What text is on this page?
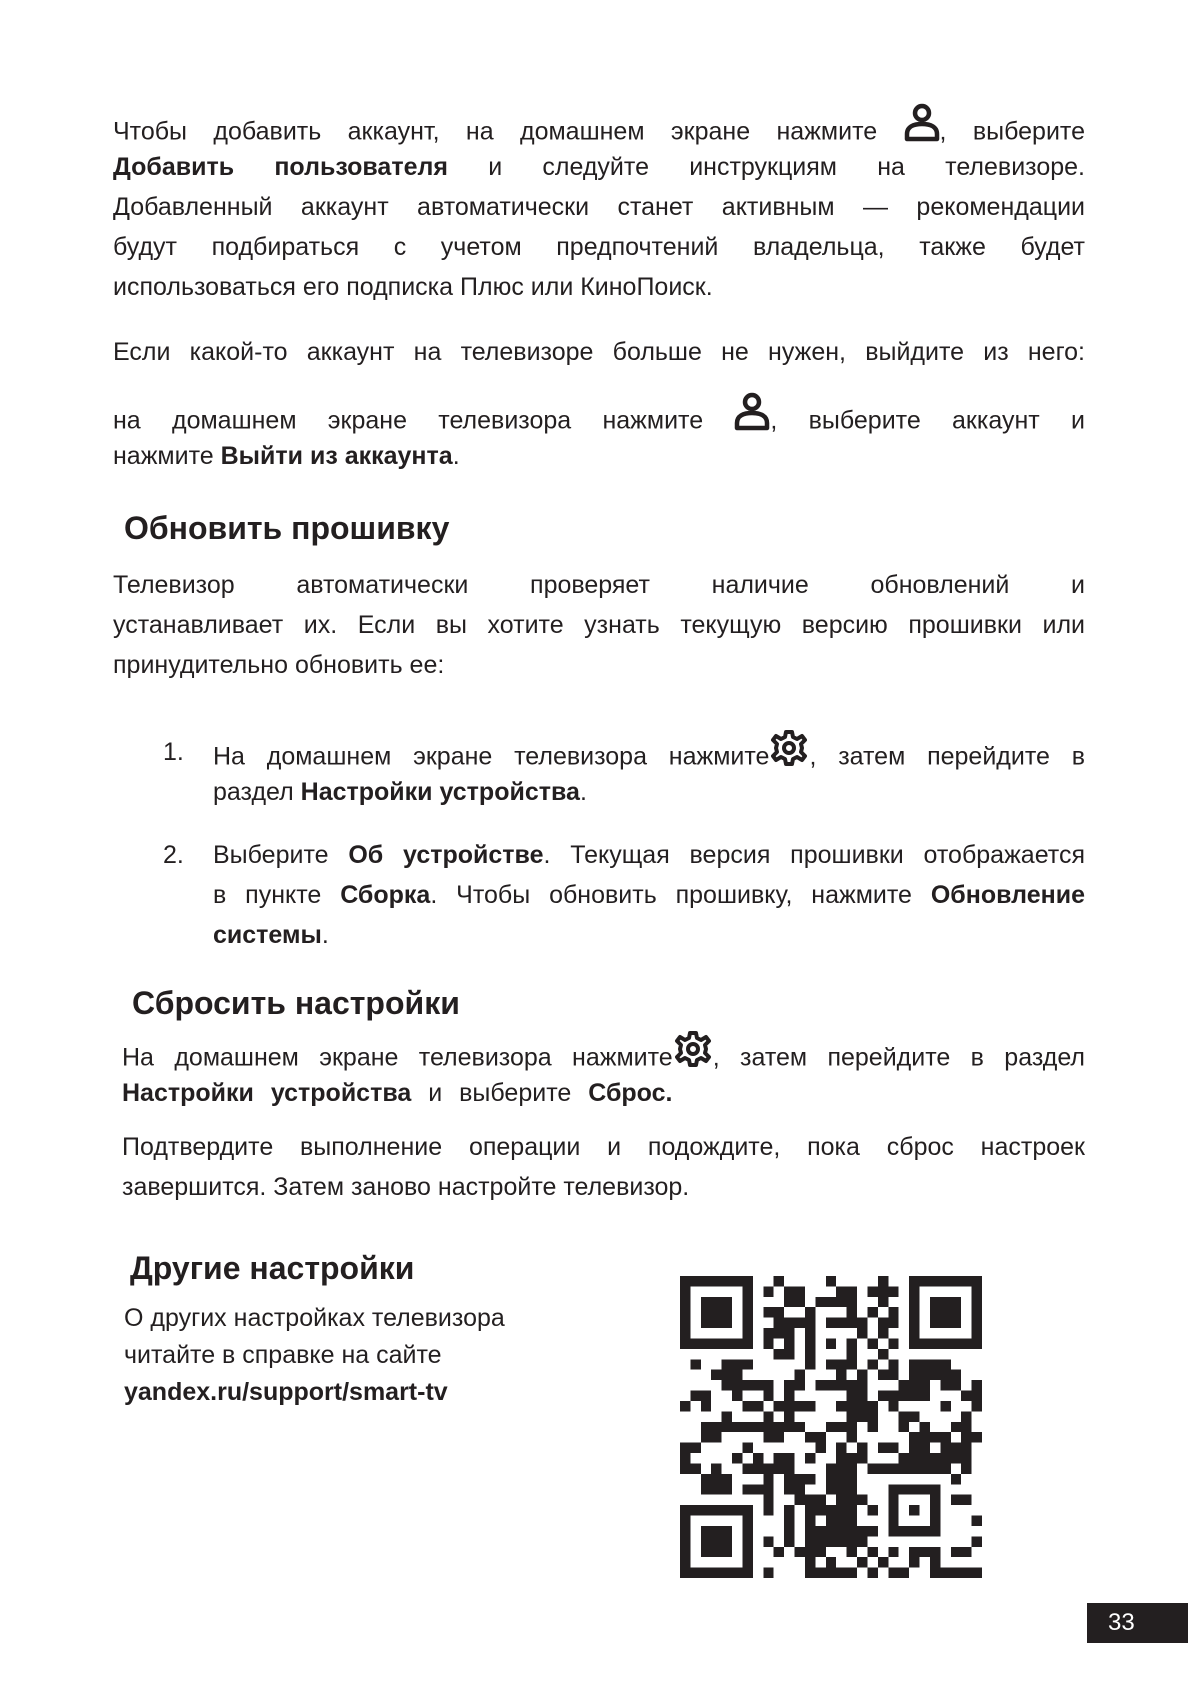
Чтобы добавить аккаунт, на домашнем экране нажмите , выберите
Добавить пользователя и следуйте инструкциям на телевизоре.
Добавленный аккаунт автоматически станет активным — рекомендации
будут подбираться с учетом предпочтений владельца, также будет
использоваться его подписка Плюс или КиноПоиск.
Если какой-то аккаунт на телевизоре больше не нужен, выйдите из него:
на домашнем экране телевизора нажмите	, выберите аккаунт и
нажмите Выйти из аккаунта.
Обновить прошивку
Телевизор автоматически проверяет наличие обновлений и
устанавливает их. Если вы хотите узнать текущую версию прошивки или
принудительно обновить ее:
1. На домашнем экране телевизора нажмите , затем перейдите в
раздел Настройки устройства.
2. Выберите Об устройстве. Текущая версия прошивки отображается
в пункте Сборка. Чтобы обновить прошивку, нажмите Обновление
системы.
Сбросить настройки
На домашнем экране телевизора нажмите , затем перейдите в раздел
Настройки устройства и выберите Сброс.
Подтвердите выполнение операции и подождите, пока сброс настроек
завершится. Затем заново настройте телевизор.
Другие настройки
О других настройках телевизора
читайте в справке на сайте
yandex.ru/support/smart-tv
33
